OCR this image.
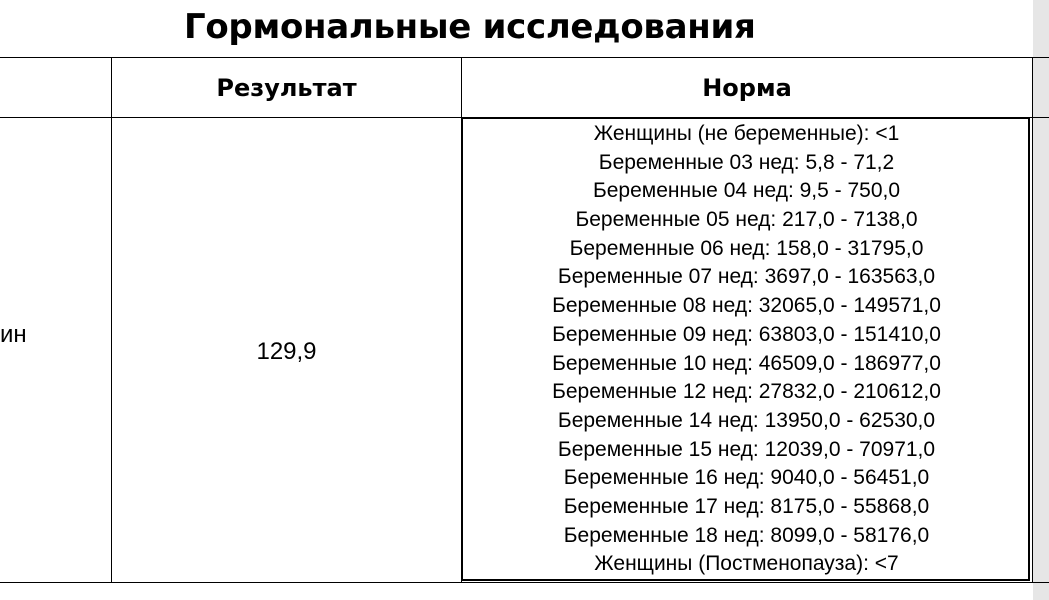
Гормональные исследования
Результат	Норма
ин
129,9
Женщины (не беременные): <1
Беременные 03 нед: 5,8 - 71,2
Беременные 04 нед: 9,5 - 750,0
Беременные 05 нед: 217,0 - 7138,0
Беременные 06 нед: 158,0 - 31795,0
Беременные 07 нед: 3697,0 - 163563,0
Беременные 08 нед: 32065,0 - 149571,0
Беременные 09 нед: 63803,0 - 151410,0
Беременные 10 нед: 46509,0 - 186977,0
Беременные 12 нед: 27832,0 - 210612,0
Беременные 14 нед: 13950,0 - 62530,0
Беременные 15 нед: 12039,0 - 70971,0
Беременные 16 нед: 9040,0 - 56451,0
Беременные 17 нед: 8175,0 - 55868,0
Беременные 18 нед: 8099,0 - 58176,0
Женщины (Постменопауза): <7
